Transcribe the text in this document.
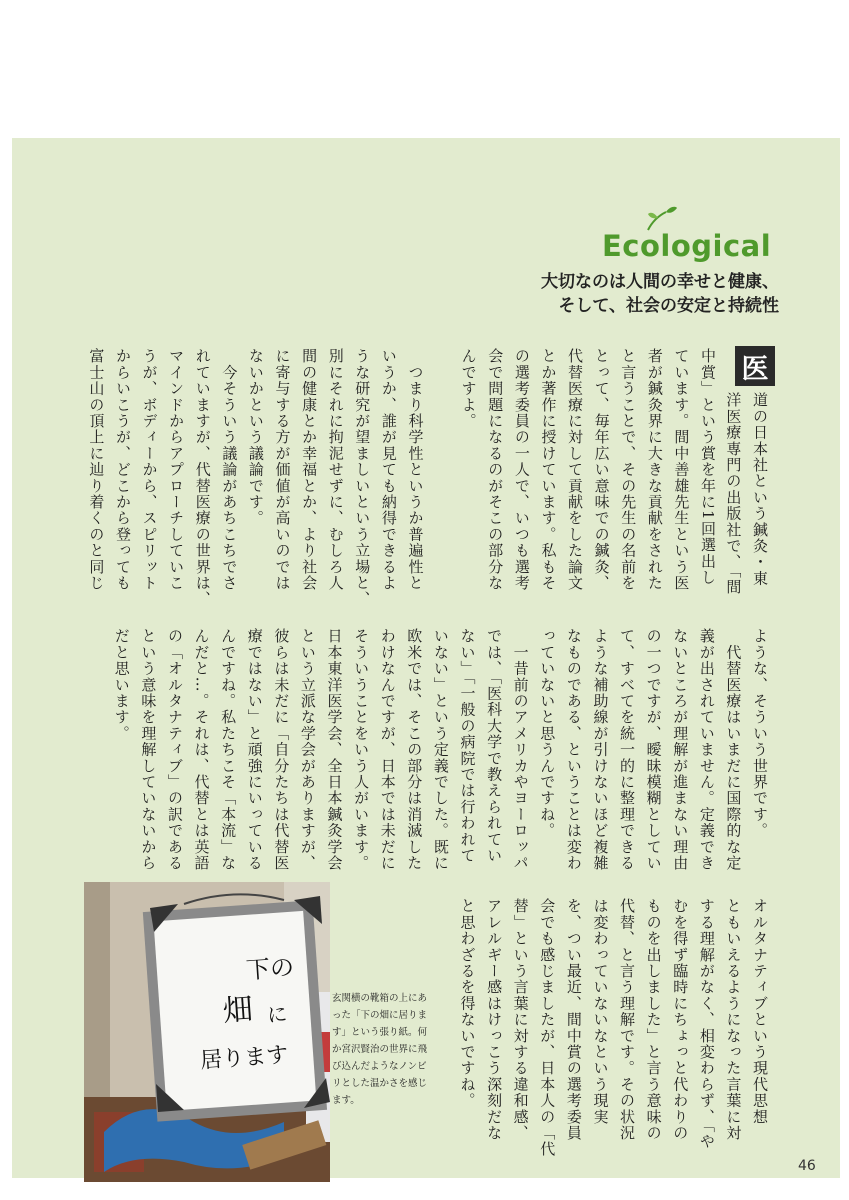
Ecological
大切なのは人間の幸せと健康、
そして、社会の安定と持続性
医
道の日本社という鍼灸・東
洋医療専門の出版社で、「間
中賞」という賞を年に1回選出し
ています。間中善雄先生という医
者が鍼灸界に大きな貢献をされた
と言うことで、その先生の名前を
とって、毎年広い意味での鍼灸、
代替医療に対して貢献をした論文
とか著作に授けています。私もそ
の選考委員の一人で、いつも選考
会で問題になるのがそこの部分な
んですよ。

　つまり科学性というか普遍性と
いうか、誰が見ても納得できるよ
うな研究が望ましいという立場と、
別にそれに拘泥せずに、むしろ人
間の健康とか幸福とか、より社会
に寄与する方が価値が高いのでは
ないかという議論です。
　今そういう議論があちこちでさ
れていますが、代替医療の世界は、
マインドからアプローチしていこ
うが、ボディーから、スピリット
からいこうが、どこから登っても
富士山の頂上に辿り着くのと同じ
ような、そういう世界です。
　代替医療はいまだに国際的な定
義が出されていません。定義でき
ないところが理解が進まない理由
の一つですが、曖昧模糊としてい
て、すべてを統一的に整理できる
ような補助線が引けないほど複雑
なものである、ということは変わ
っていないと思うんですね。
　一昔前のアメリカやヨーロッパ
では、「医科大学で教えられてい
ない」「一般の病院では行われて
いない」という定義でした。既に
欧米では、そこの部分は消滅した
わけなんですが、日本では未だに
そういうことをいう人がいます。
日本東洋医学会、全日本鍼灸学会
という立派な学会がありますが、
彼らは未だに「自分たちは代替医
療ではない」と頑強にいっている
んですね。私たちこそ「本流」な
んだと…。それは、代替とは英語
の「オルタナティブ」の訳である
という意味を理解していないから
だと思います。
オルタナティブという現代思想
ともいえるようになった言葉に対
する理解がなく、相変わらず、「や
むを得ず臨時にちょっと代わりの
ものを出しました」と言う意味の
代替、と言う理解です。その状況
は変わっていないなという現実
を、つい最近、間中賞の選考委員
会でも感じましたが、日本人の「代
替」という言葉に対する違和感、
アレルギー感はけっこう深刻だな
と思わざるを得ないですね。
下の
畑 に
居ります
玄関横の靴箱の上にあった「下の畑に居ります」という張り紙。何か宮沢賢治の世界に飛び込んだようなノンビリとした温かさを感じます。
46
